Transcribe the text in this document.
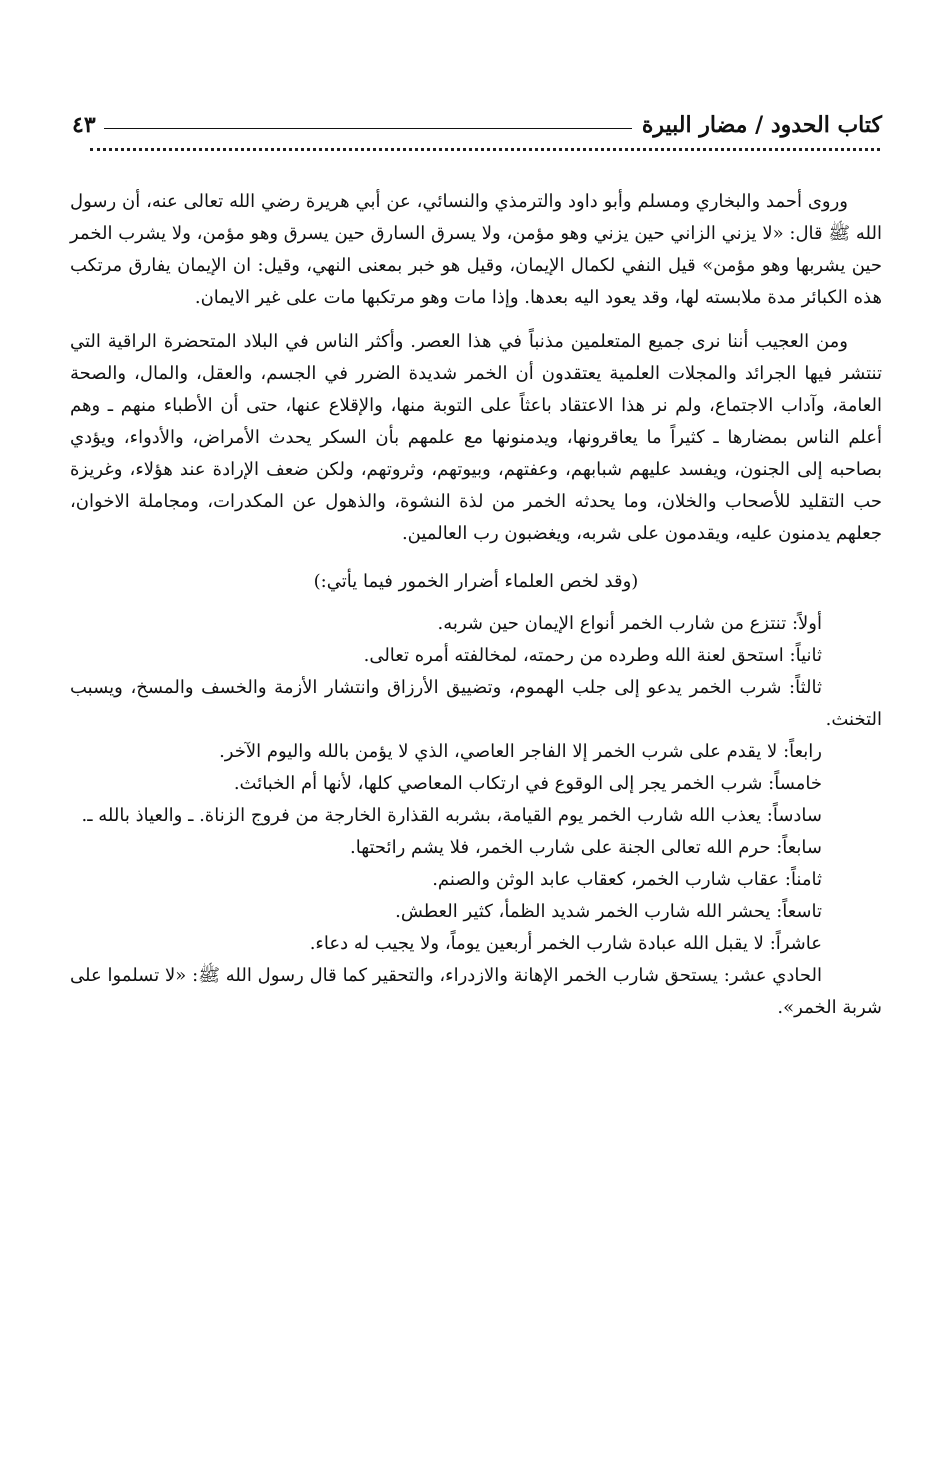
كتاب الحدود / مضار البيرة
٤٣

وروى أحمد والبخاري ومسلم وأبو داود والترمذي والنسائي، عن أبي هريرة رضي الله تعالى عنه، أن رسول الله ﷺ قال: «لا يزني الزاني حين يزني وهو مؤمن، ولا يسرق السارق حين يسرق وهو مؤمن، ولا يشرب الخمر حين يشربها وهو مؤمن» قيل النفي لكمال الإيمان، وقيل هو خبر بمعنى النهي، وقيل: ان الإيمان يفارق مرتكب هذه الكبائر مدة ملابسته لها، وقد يعود اليه بعدها. وإذا مات وهو مرتكبها مات على غير الايمان.

ومن العجيب أننا نرى جميع المتعلمين مذنباً في هذا العصر. وأكثر الناس في البلاد المتحضرة الراقية التي تنتشر فيها الجرائد والمجلات العلمية يعتقدون أن الخمر شديدة الضرر في الجسم، والعقل، والمال، والصحة العامة، وآداب الاجتماع، ولم نر هذا الاعتقاد باعثاً على التوبة منها، والإقلاع عنها، حتى أن الأطباء منهم ـ وهم أعلم الناس بمضارها ـ كثيراً ما يعاقرونها، ويدمنونها مع علمهم بأن السكر يحدث الأمراض، والأدواء، ويؤدي بصاحبه إلى الجنون، ويفسد عليهم شبابهم، وعفتهم، وبيوتهم، وثروتهم، ولكن ضعف الإرادة عند هؤلاء، وغريزة حب التقليد للأصحاب والخلان، وما يحدثه الخمر من لذة النشوة، والذهول عن المكدرات، ومجاملة الاخوان، جعلهم يدمنون عليه، ويقدمون على شربه، ويغضبون رب العالمين.

(وقد لخص العلماء أضرار الخمور فيما يأتي:)

أولاً: تنتزع من شارب الخمر أنواع الإيمان حين شربه.

ثانياً: استحق لعنة الله وطرده من رحمته، لمخالفته أمره تعالى.

ثالثاً: شرب الخمر يدعو إلى جلب الهموم، وتضييق الأرزاق وانتشار الأزمة والخسف والمسخ، ويسبب التخنث.

رابعاً: لا يقدم على شرب الخمر إلا الفاجر العاصي، الذي لا يؤمن بالله واليوم الآخر.

خامساً: شرب الخمر يجر إلى الوقوع في ارتكاب المعاصي كلها، لأنها أم الخبائث.

سادساً: يعذب الله شارب الخمر يوم القيامة، بشربه القذارة الخارجة من فروج الزناة. ـ والعياذ بالله ـ.

سابعاً: حرم الله تعالى الجنة على شارب الخمر، فلا يشم رائحتها.

ثامناً: عقاب شارب الخمر، كعقاب عابد الوثن والصنم.

تاسعاً: يحشر الله شارب الخمر شديد الظمأ، كثير العطش.

عاشراً: لا يقبل الله عبادة شارب الخمر أربعين يوماً، ولا يجيب له دعاء.

الحادي عشر: يستحق شارب الخمر الإهانة والازدراء، والتحقير كما قال رسول الله ﷺ: «لا تسلموا على شربة الخمر».
